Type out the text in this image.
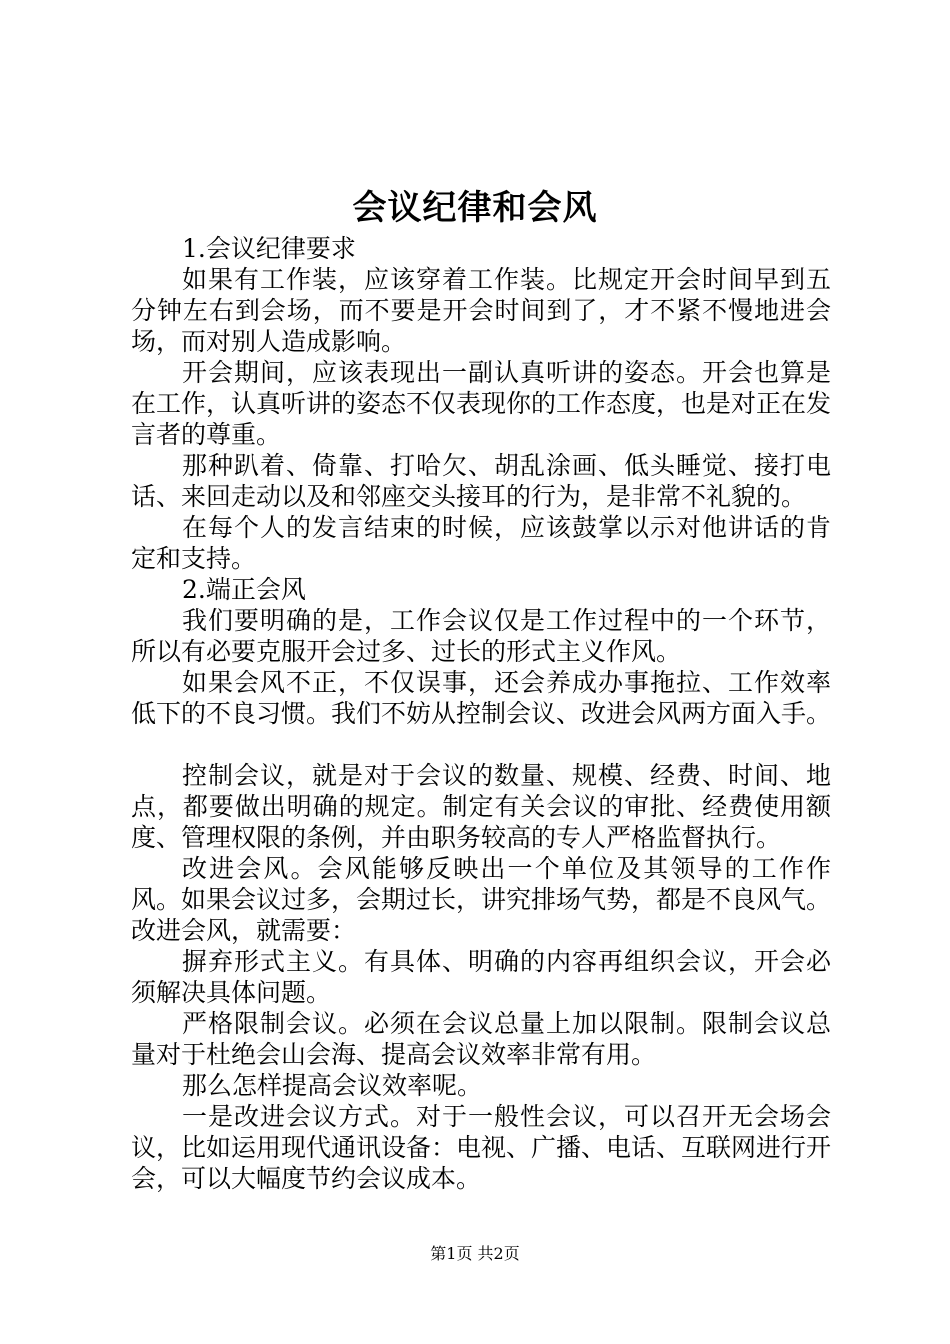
会议纪律和会风

1.会议纪律要求

如果有工作装，应该穿着工作装。比规定开会时间早到五分钟左右到会场，而不要是开会时间到了，才不紧不慢地进会场，而对别人造成影响。

开会期间，应该表现出一副认真听讲的姿态。开会也算是在工作，认真听讲的姿态不仅表现你的工作态度，也是对正在发言者的尊重。

那种趴着、倚靠、打哈欠、胡乱涂画、低头睡觉、接打电话、来回走动以及和邻座交头接耳的行为，是非常不礼貌的。

在每个人的发言结束的时候，应该鼓掌以示对他讲话的肯定和支持。

2.端正会风

我们要明确的是，工作会议仅是工作过程中的一个环节，所以有必要克服开会过多、过长的形式主义作风。

如果会风不正，不仅误事，还会养成办事拖拉、工作效率低下的不良习惯。我们不妨从控制会议、改进会风两方面入手。

控制会议，就是对于会议的数量、规模、经费、时间、地点，都要做出明确的规定。制定有关会议的审批、经费使用额度、管理权限的条例，并由职务较高的专人严格监督执行。

改进会风。会风能够反映出一个单位及其领导的工作作风。如果会议过多，会期过长，讲究排场气势，都是不良风气。改进会风，就需要：

摒弃形式主义。有具体、明确的内容再组织会议，开会必须解决具体问题。

严格限制会议。必须在会议总量上加以限制。限制会议总量对于杜绝会山会海、提高会议效率非常有用。

那么怎样提高会议效率呢。

一是改进会议方式。对于一般性会议，可以召开无会场会议，比如运用现代通讯设备：电视、广播、电话、互联网进行开会，可以大幅度节约会议成本。

第1页 共2页
